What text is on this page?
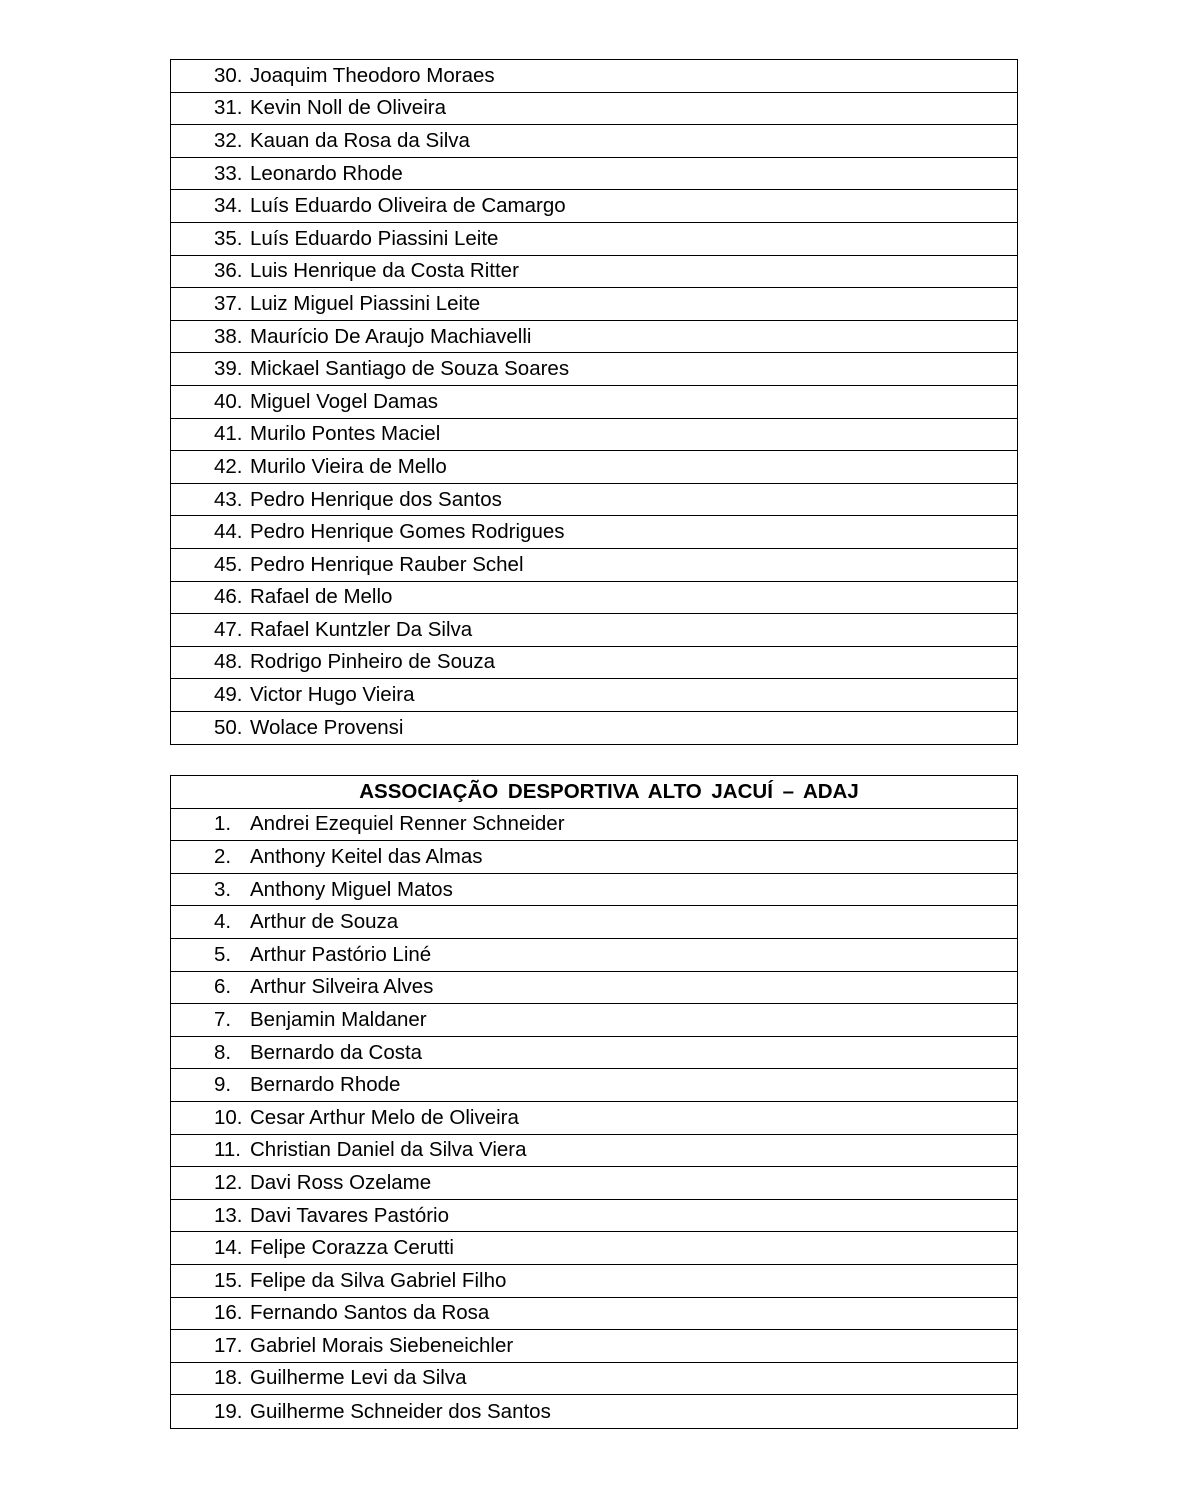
30. Joaquim Theodoro Moraes
31. Kevin Noll de Oliveira
32. Kauan da Rosa da Silva
33. Leonardo Rhode
34. Luís Eduardo Oliveira de Camargo
35. Luís Eduardo Piassini Leite
36. Luis Henrique da Costa Ritter
37. Luiz Miguel Piassini Leite
38. Maurício De Araujo Machiavelli
39. Mickael Santiago de Souza Soares
40. Miguel Vogel Damas
41. Murilo Pontes Maciel
42. Murilo Vieira de Mello
43. Pedro Henrique dos Santos
44. Pedro Henrique Gomes Rodrigues
45. Pedro Henrique Rauber Schel
46. Rafael de Mello
47. Rafael Kuntzler Da Silva
48. Rodrigo Pinheiro de Souza
49. Victor Hugo Vieira
50. Wolace Provensi
ASSOCIAÇÃO DESPORTIVA ALTO JACUÍ – ADAJ
1. Andrei Ezequiel Renner Schneider
2. Anthony Keitel das Almas
3. Anthony Miguel Matos
4. Arthur de Souza
5. Arthur Pastório Liné
6. Arthur Silveira Alves
7. Benjamin Maldaner
8. Bernardo da Costa
9. Bernardo Rhode
10. Cesar Arthur Melo de Oliveira
11. Christian Daniel da Silva Viera
12. Davi Ross Ozelame
13. Davi Tavares Pastório
14. Felipe Corazza Cerutti
15. Felipe da Silva Gabriel Filho
16. Fernando Santos da Rosa
17. Gabriel Morais Siebeneichler
18. Guilherme Levi da Silva
19. Guilherme Schneider dos Santos
